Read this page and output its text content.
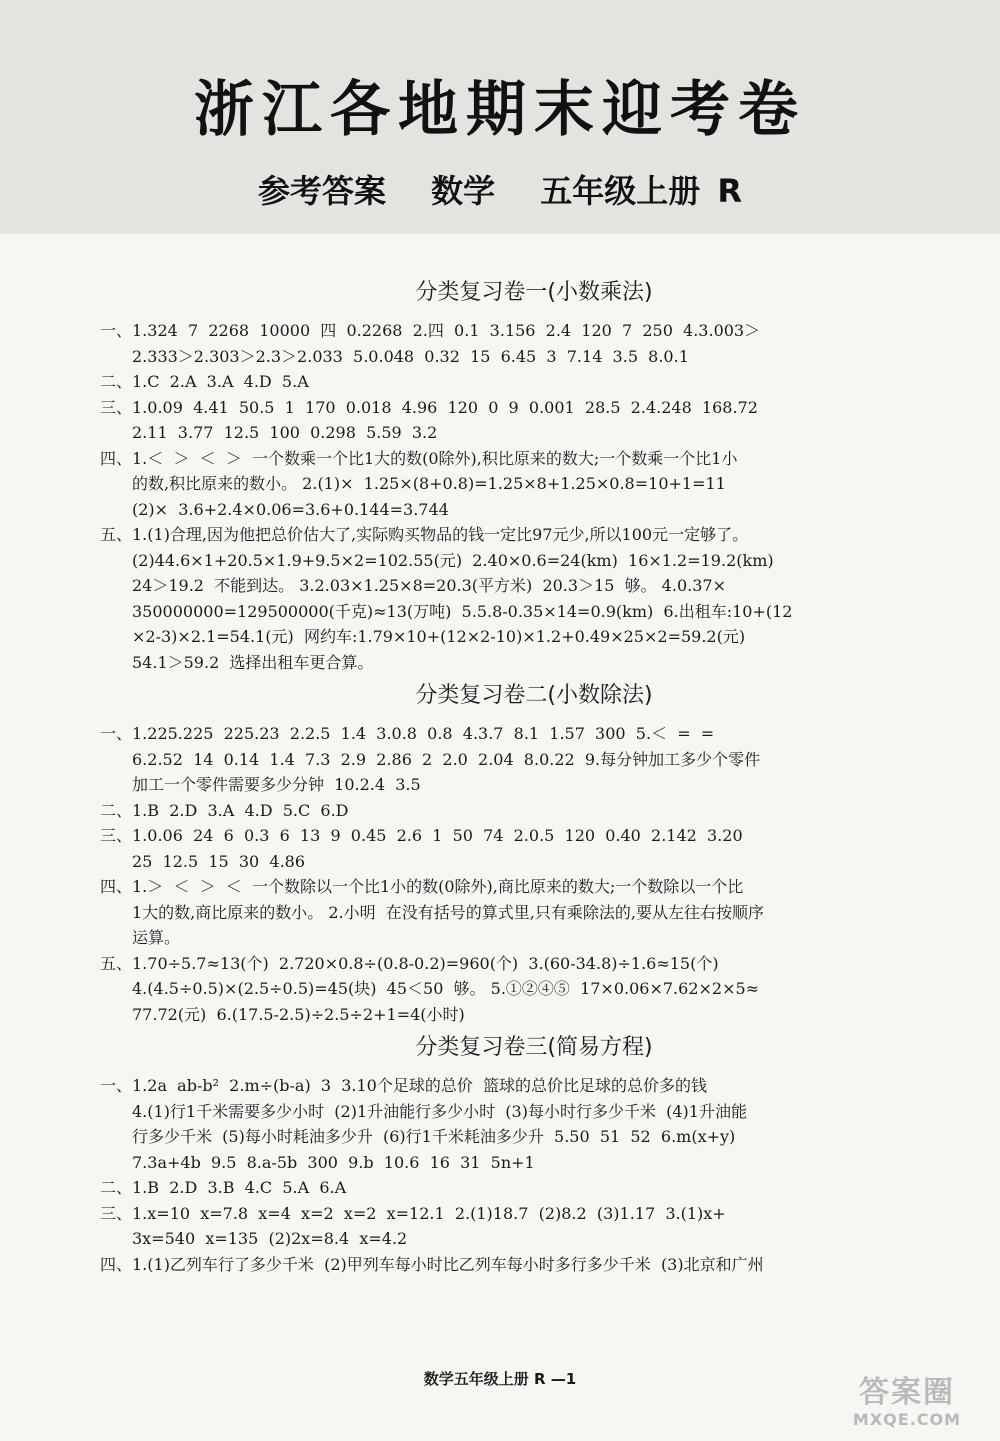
浙江各地期末迎考卷
参考答案 数学 五年级上册 R
分类复习卷一(小数乘法)
一、1.324  7  2268  10000  四  0.2268  2.四  0.1  3.156  2.4  120  7  250  4.3.003＞
2.333＞2.303＞2.3＞2.033  5.0.048  0.32  15  6.45  3  7.14  3.5  8.0.1
二、1.C  2.A  3.A  4.D  5.A
三、1.0.09  4.41  50.5  1  170  0.018  4.96  120  0  9  0.001  28.5  2.4.248  168.72
2.11  3.77  12.5  100  0.298  5.59  3.2
四、1.＜  ＞  ＜  ＞  一个数乘一个比1大的数(0除外),积比原来的数大;一个数乘一个比1小
的数,积比原来的数小。 2.(1)×  1.25×(8+0.8)=1.25×8+1.25×0.8=10+1=11
(2)×  3.6+2.4×0.06=3.6+0.144=3.744
五、1.(1)合理,因为他把总价估大了,实际购买物品的钱一定比97元少,所以100元一定够了。
(2)44.6×1+20.5×1.9+9.5×2=102.55(元)  2.40×0.6=24(km)  16×1.2=19.2(km)
24＞19.2  不能到达。 3.2.03×1.25×8=20.3(平方米)  20.3＞15  够。 4.0.37×
350000000=129500000(千克)≈13(万吨)  5.5.8-0.35×14=0.9(km)  6.出租车:10+(12
×2-3)×2.1=54.1(元)  网约车:1.79×10+(12×2-10)×1.2+0.49×25×2=59.2(元)
54.1＞59.2  选择出租车更合算。
分类复习卷二(小数除法)
一、1.225.225  225.23  2.2.5  1.4  3.0.8  0.8  4.3.7  8.1  1.57  300  5.＜  =  =
6.2.52  14  0.14  1.4  7.3  2.9  2.86  2  2.0  2.04  8.0.22  9.每分钟加工多少个零件
加工一个零件需要多少分钟  10.2.4  3.5
二、1.B  2.D  3.A  4.D  5.C  6.D
三、1.0.06  24  6  0.3  6  13  9  0.45  2.6  1  50  74  2.0.5  120  0.40  2.142  3.20
25  12.5  15  30  4.86
四、1.＞  ＜  ＞  ＜  一个数除以一个比1小的数(0除外),商比原来的数大;一个数除以一个比
1大的数,商比原来的数小。 2.小明  在没有括号的算式里,只有乘除法的,要从左往右按顺序
运算。
五、1.70÷5.7≈13(个)  2.720×0.8÷(0.8-0.2)=960(个)  3.(60-34.8)÷1.6≈15(个)
4.(4.5÷0.5)×(2.5÷0.5)=45(块)  45＜50  够。 5.①②④⑤  17×0.06×7.62×2×5≈
77.72(元)  6.(17.5-2.5)÷2.5÷2+1=4(小时)
分类复习卷三(简易方程)
一、1.2a  ab-b²  2.m÷(b-a)  3  3.10个足球的总价  篮球的总价比足球的总价多的钱
4.(1)行1千米需要多少小时  (2)1升油能行多少小时  (3)每小时行多少千米  (4)1升油能
行多少千米  (5)每小时耗油多少升  (6)行1千米耗油多少升  5.50  51  52  6.m(x+y)
7.3a+4b  9.5  8.a-5b  300  9.b  10.6  16  31  5n+1
二、1.B  2.D  3.B  4.C  5.A  6.A
三、1.x=10  x=7.8  x=4  x=2  x=2  x=12.1  2.(1)18.7  (2)8.2  (3)1.17  3.(1)x+
3x=540  x=135  (2)2x=8.4  x=4.2
四、1.(1)乙列车行了多少千米  (2)甲列车每小时比乙列车每小时多行多少千米  (3)北京和广州
数学五年级上册 R —1	答案圈
MXQE.COM
